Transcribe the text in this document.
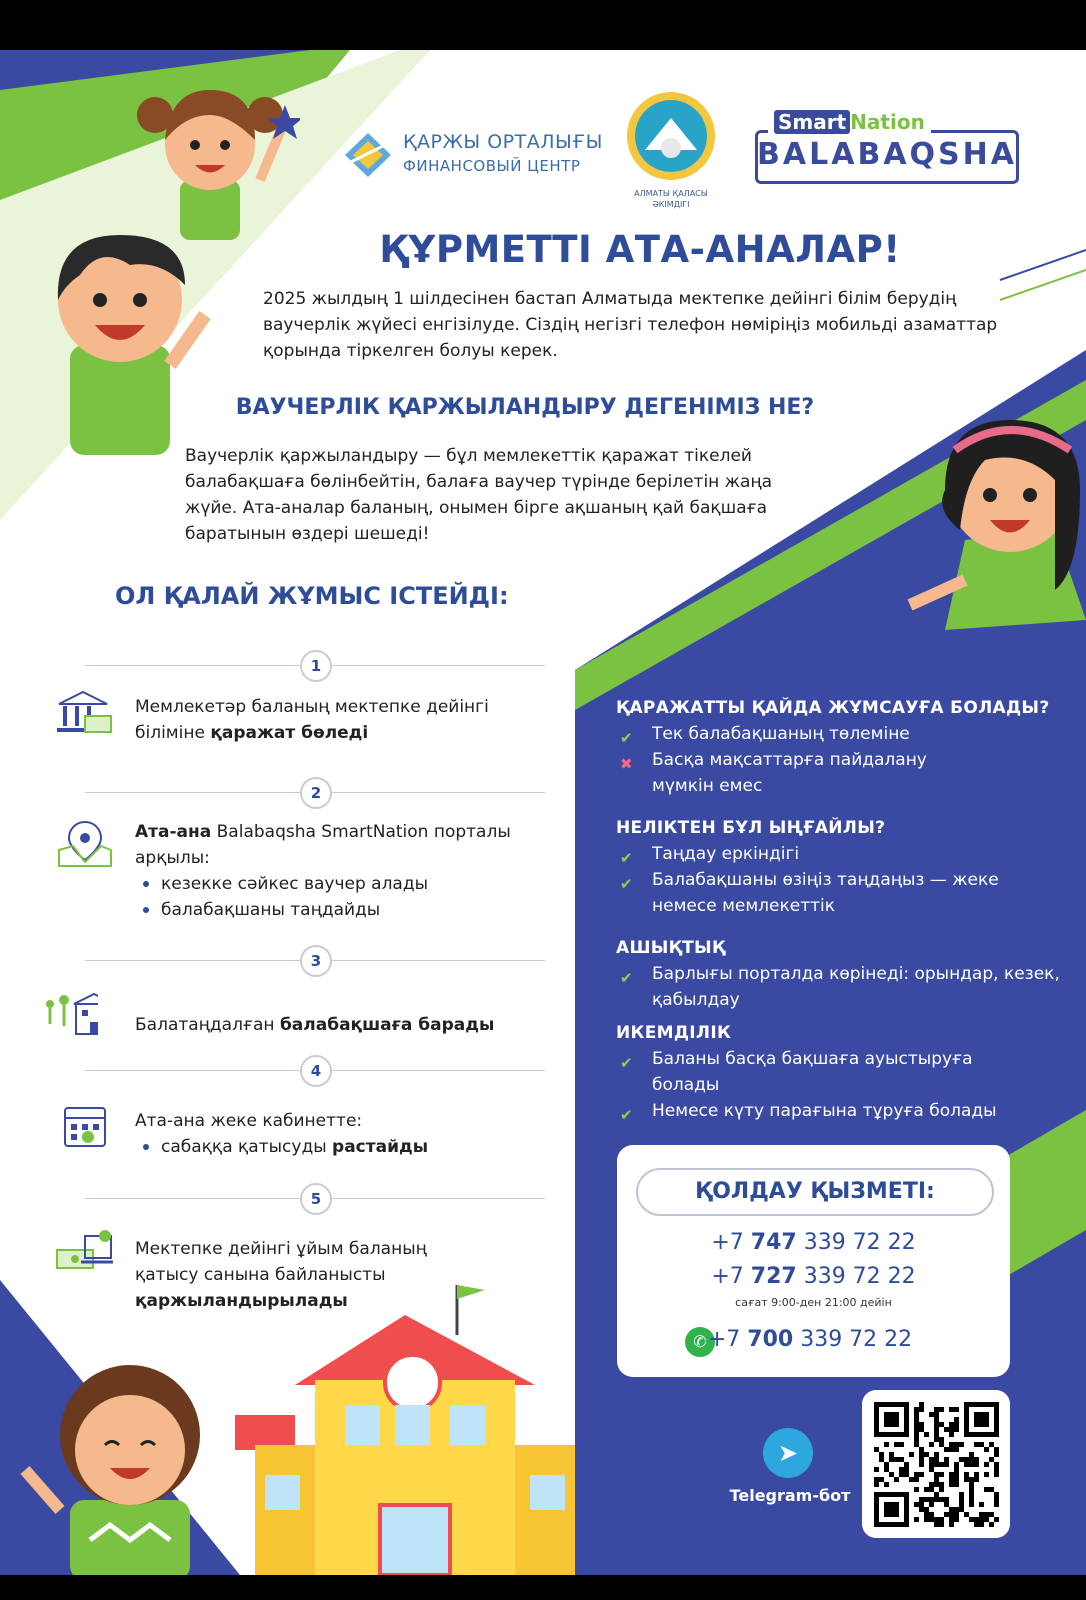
ҚАРЖЫ ОРТАЛЫҒЫ
ФИНАНСОВЫЙ ЦЕНТР
АЛМАТЫ ҚАЛАСЫ
ӘКІМДІГІ
Smart Nation
BALABAQSHA
ҚҰРМЕТТІ АТА-АНАЛАР!
2025 жылдың 1 шілдесінен бастап Алматыда мектепке дейінгі білім берудің ваучерлік жүйесі енгізілуде. Сіздің негізгі телефон нөміріңіз мобильді азаматтар қорында тіркелген болуы керек.
ВАУЧЕРЛІК ҚАРЖЫЛАНДЫРУ ДЕГЕНІМІЗ НЕ?
Ваучерлік қаржыландыру — бұл мемлекеттік қаражат тікелей балабақшаға бөлінбейтін, балаға ваучер түрінде берілетін жаңа жүйе. Ата-аналар баланың, онымен бірге ақшаның қай бақшаға баратынын өздері шешеді!
ОЛ ҚАЛАЙ ЖҰМЫС ІСТЕЙДІ:
1
Мемлекетәр баланың мектепке дейінгі біліміне қаражат бөледі
2
Ата-ана Balabaqsha SmartNation порталы арқылы:
кезекке сәйкес ваучер алады
балабақшаны таңдайды
3
Балатаңдалған балабақшаға барады
4
Ата-ана жеке кабинетте:
сабаққа қатысуды растайды
5
Мектепке дейінгі ұйым баланың қатысу санына байланысты қаржыландырылады
ҚАРАЖАТТЫ ҚАЙДА ЖҰМСАУҒА БОЛАДЫ?
✔ Тек балабақшаның төлеміне
✖ Басқа мақсаттарға пайдалану мүмкін емес
НЕЛІКТЕН БҰЛ ЫҢҒАЙЛЫ?
✔ Таңдау еркіндігі
✔ Балабақшаны өзіңіз таңдаңыз — жеке немесе мемлекеттік
АШЫҚТЫҚ
✔ Барлығы порталда көрінеді: орындар, кезек, қабылдау
ИКЕМДІЛІК
✔ Баланы басқа бақшаға ауыстыруға болады
✔ Немесе күту парағына тұруға болады
ҚОЛДАУ ҚЫЗМЕТІ:
+7 747 339 72 22
+7 727 339 72 22
сағат 9:00-ден 21:00 дейін
✆ +7 700 339 72 22
➤
Telegram-бот
